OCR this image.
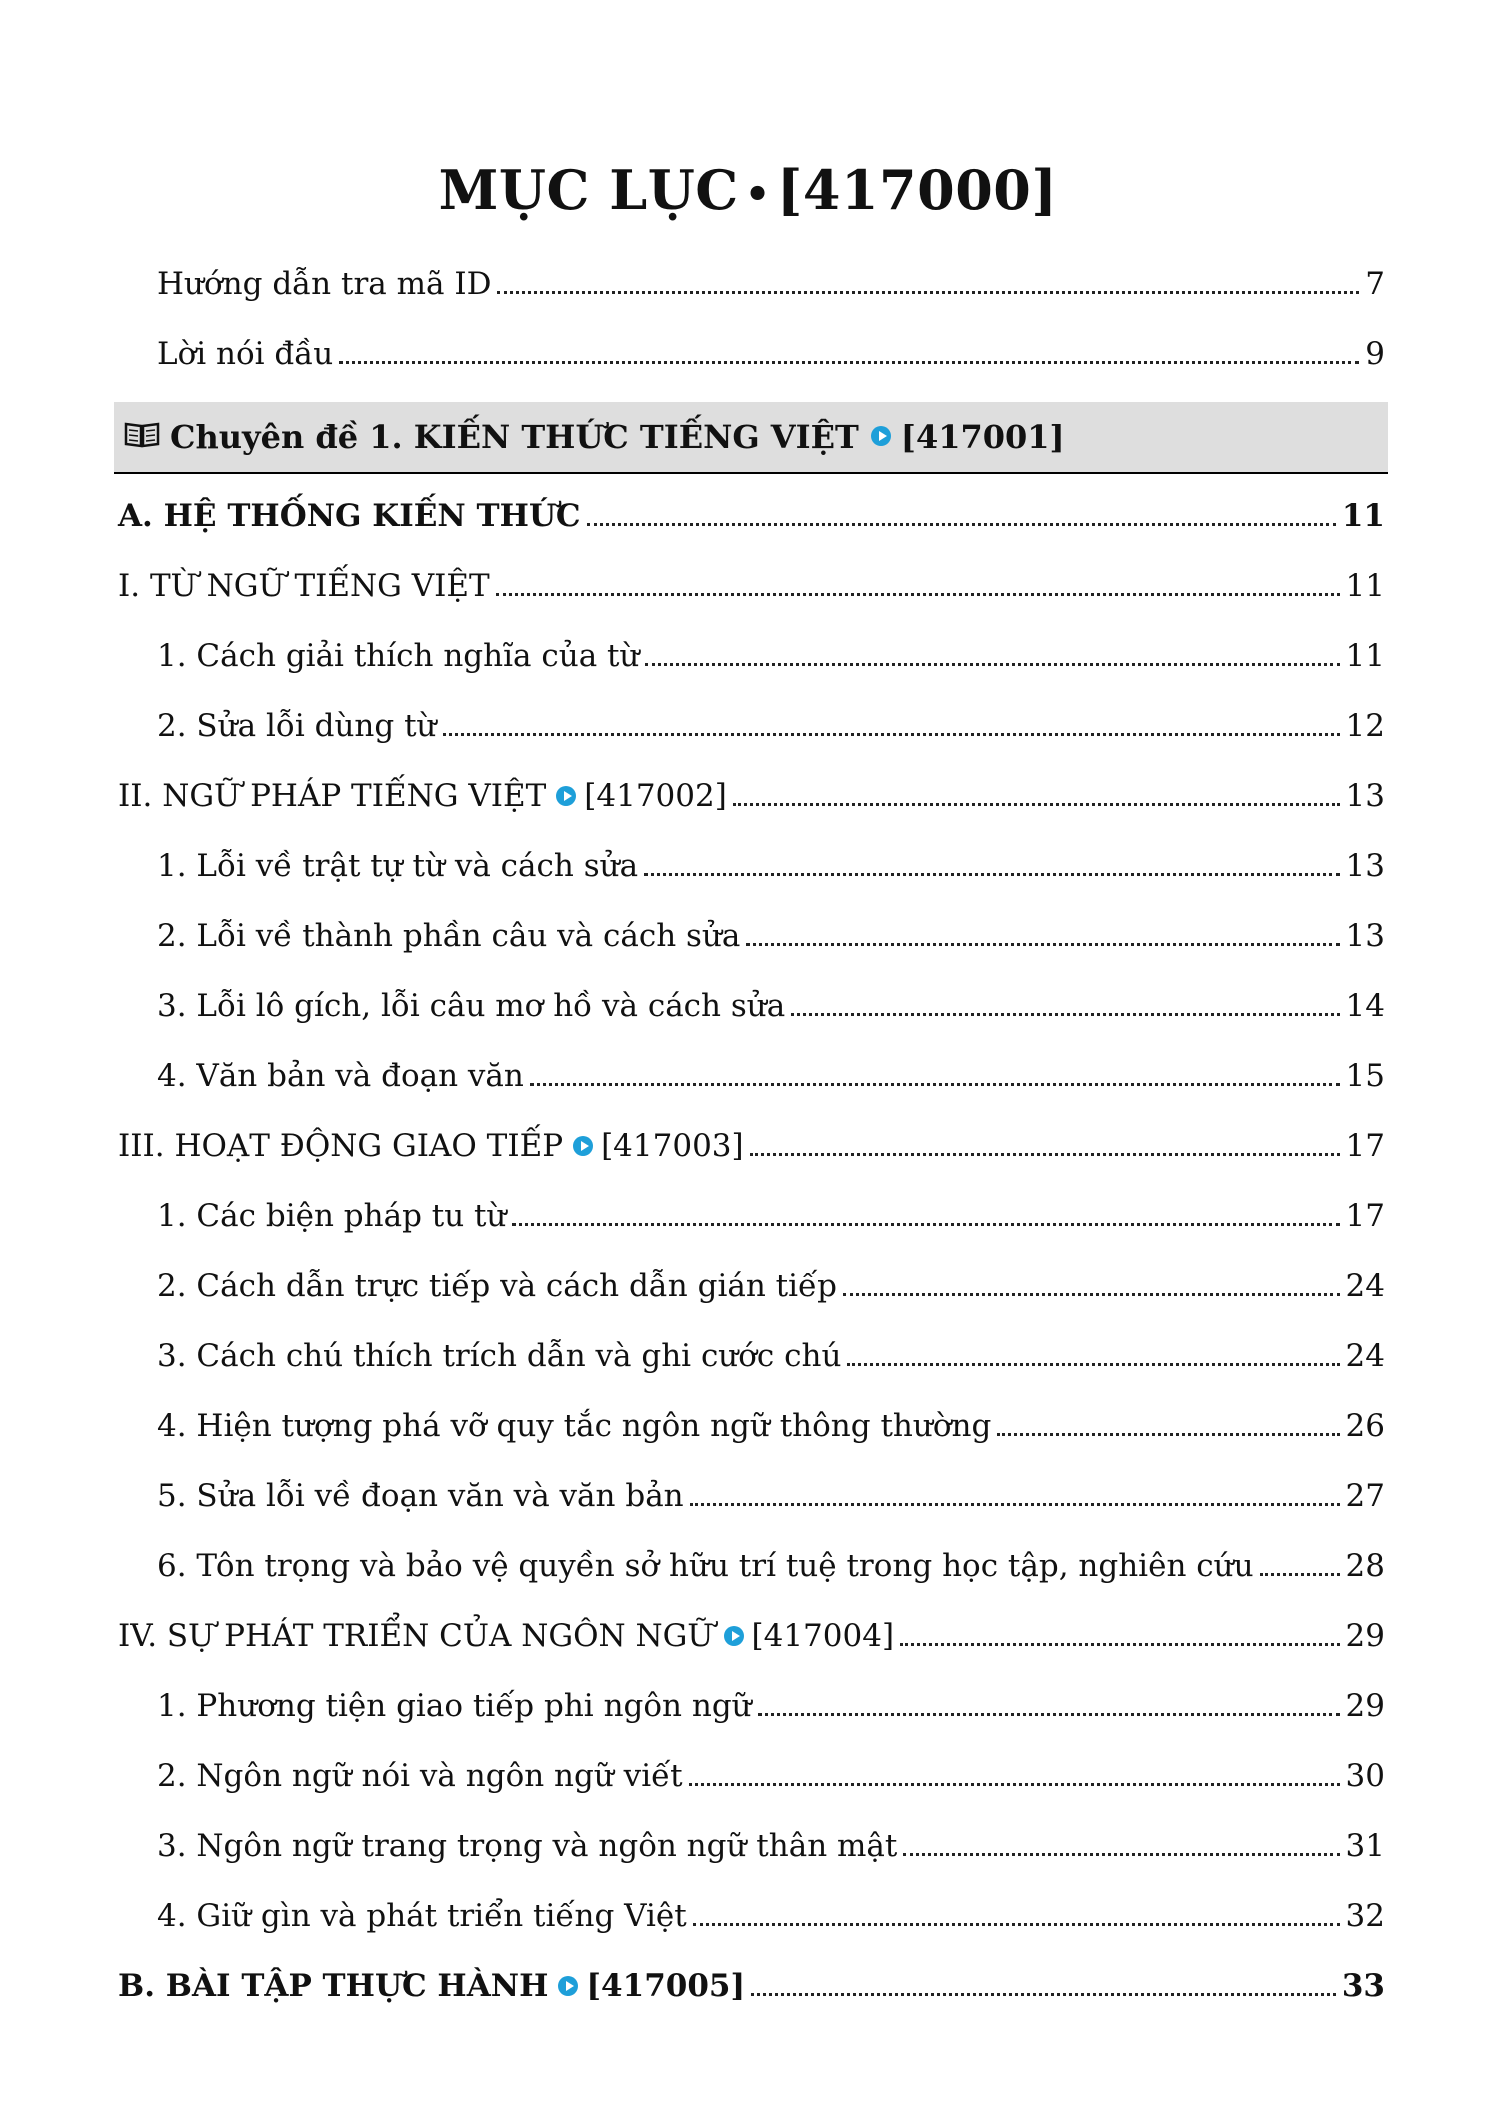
MỤC LỤC • [417000]
Hướng dẫn tra mã ID	7
Lời nói đầu	9
Chuyên đề 1. KIẾN THỨC TIẾNG VIỆT [417001]
A. HỆ THỐNG KIẾN THỨC	11
I. TỪ NGỮ TIẾNG VIỆT	11
1. Cách giải thích nghĩa của từ	11
2. Sửa lỗi dùng từ	12
II. NGỮ PHÁP TIẾNG VIỆT [417002]	13
1. Lỗi về trật tự từ và cách sửa	13
2. Lỗi về thành phần câu và cách sửa	13
3. Lỗi lô gích, lỗi câu mơ hồ và cách sửa	14
4. Văn bản và đoạn văn	15
III. HOẠT ĐỘNG GIAO TIẾP [417003]	17
1. Các biện pháp tu từ	17
2. Cách dẫn trực tiếp và cách dẫn gián tiếp	24
3. Cách chú thích trích dẫn và ghi cước chú	24
4. Hiện tượng phá vỡ quy tắc ngôn ngữ thông thường	26
5. Sửa lỗi về đoạn văn và văn bản	27
6. Tôn trọng và bảo vệ quyền sở hữu trí tuệ trong học tập, nghiên cứu	28
IV. SỰ PHÁT TRIỂN CỦA NGÔN NGỮ [417004]	29
1. Phương tiện giao tiếp phi ngôn ngữ	29
2. Ngôn ngữ nói và ngôn ngữ viết	30
3. Ngôn ngữ trang trọng và ngôn ngữ thân mật	31
4. Giữ gìn và phát triển tiếng Việt	32
B. BÀI TẬP THỰC HÀNH [417005]	33
